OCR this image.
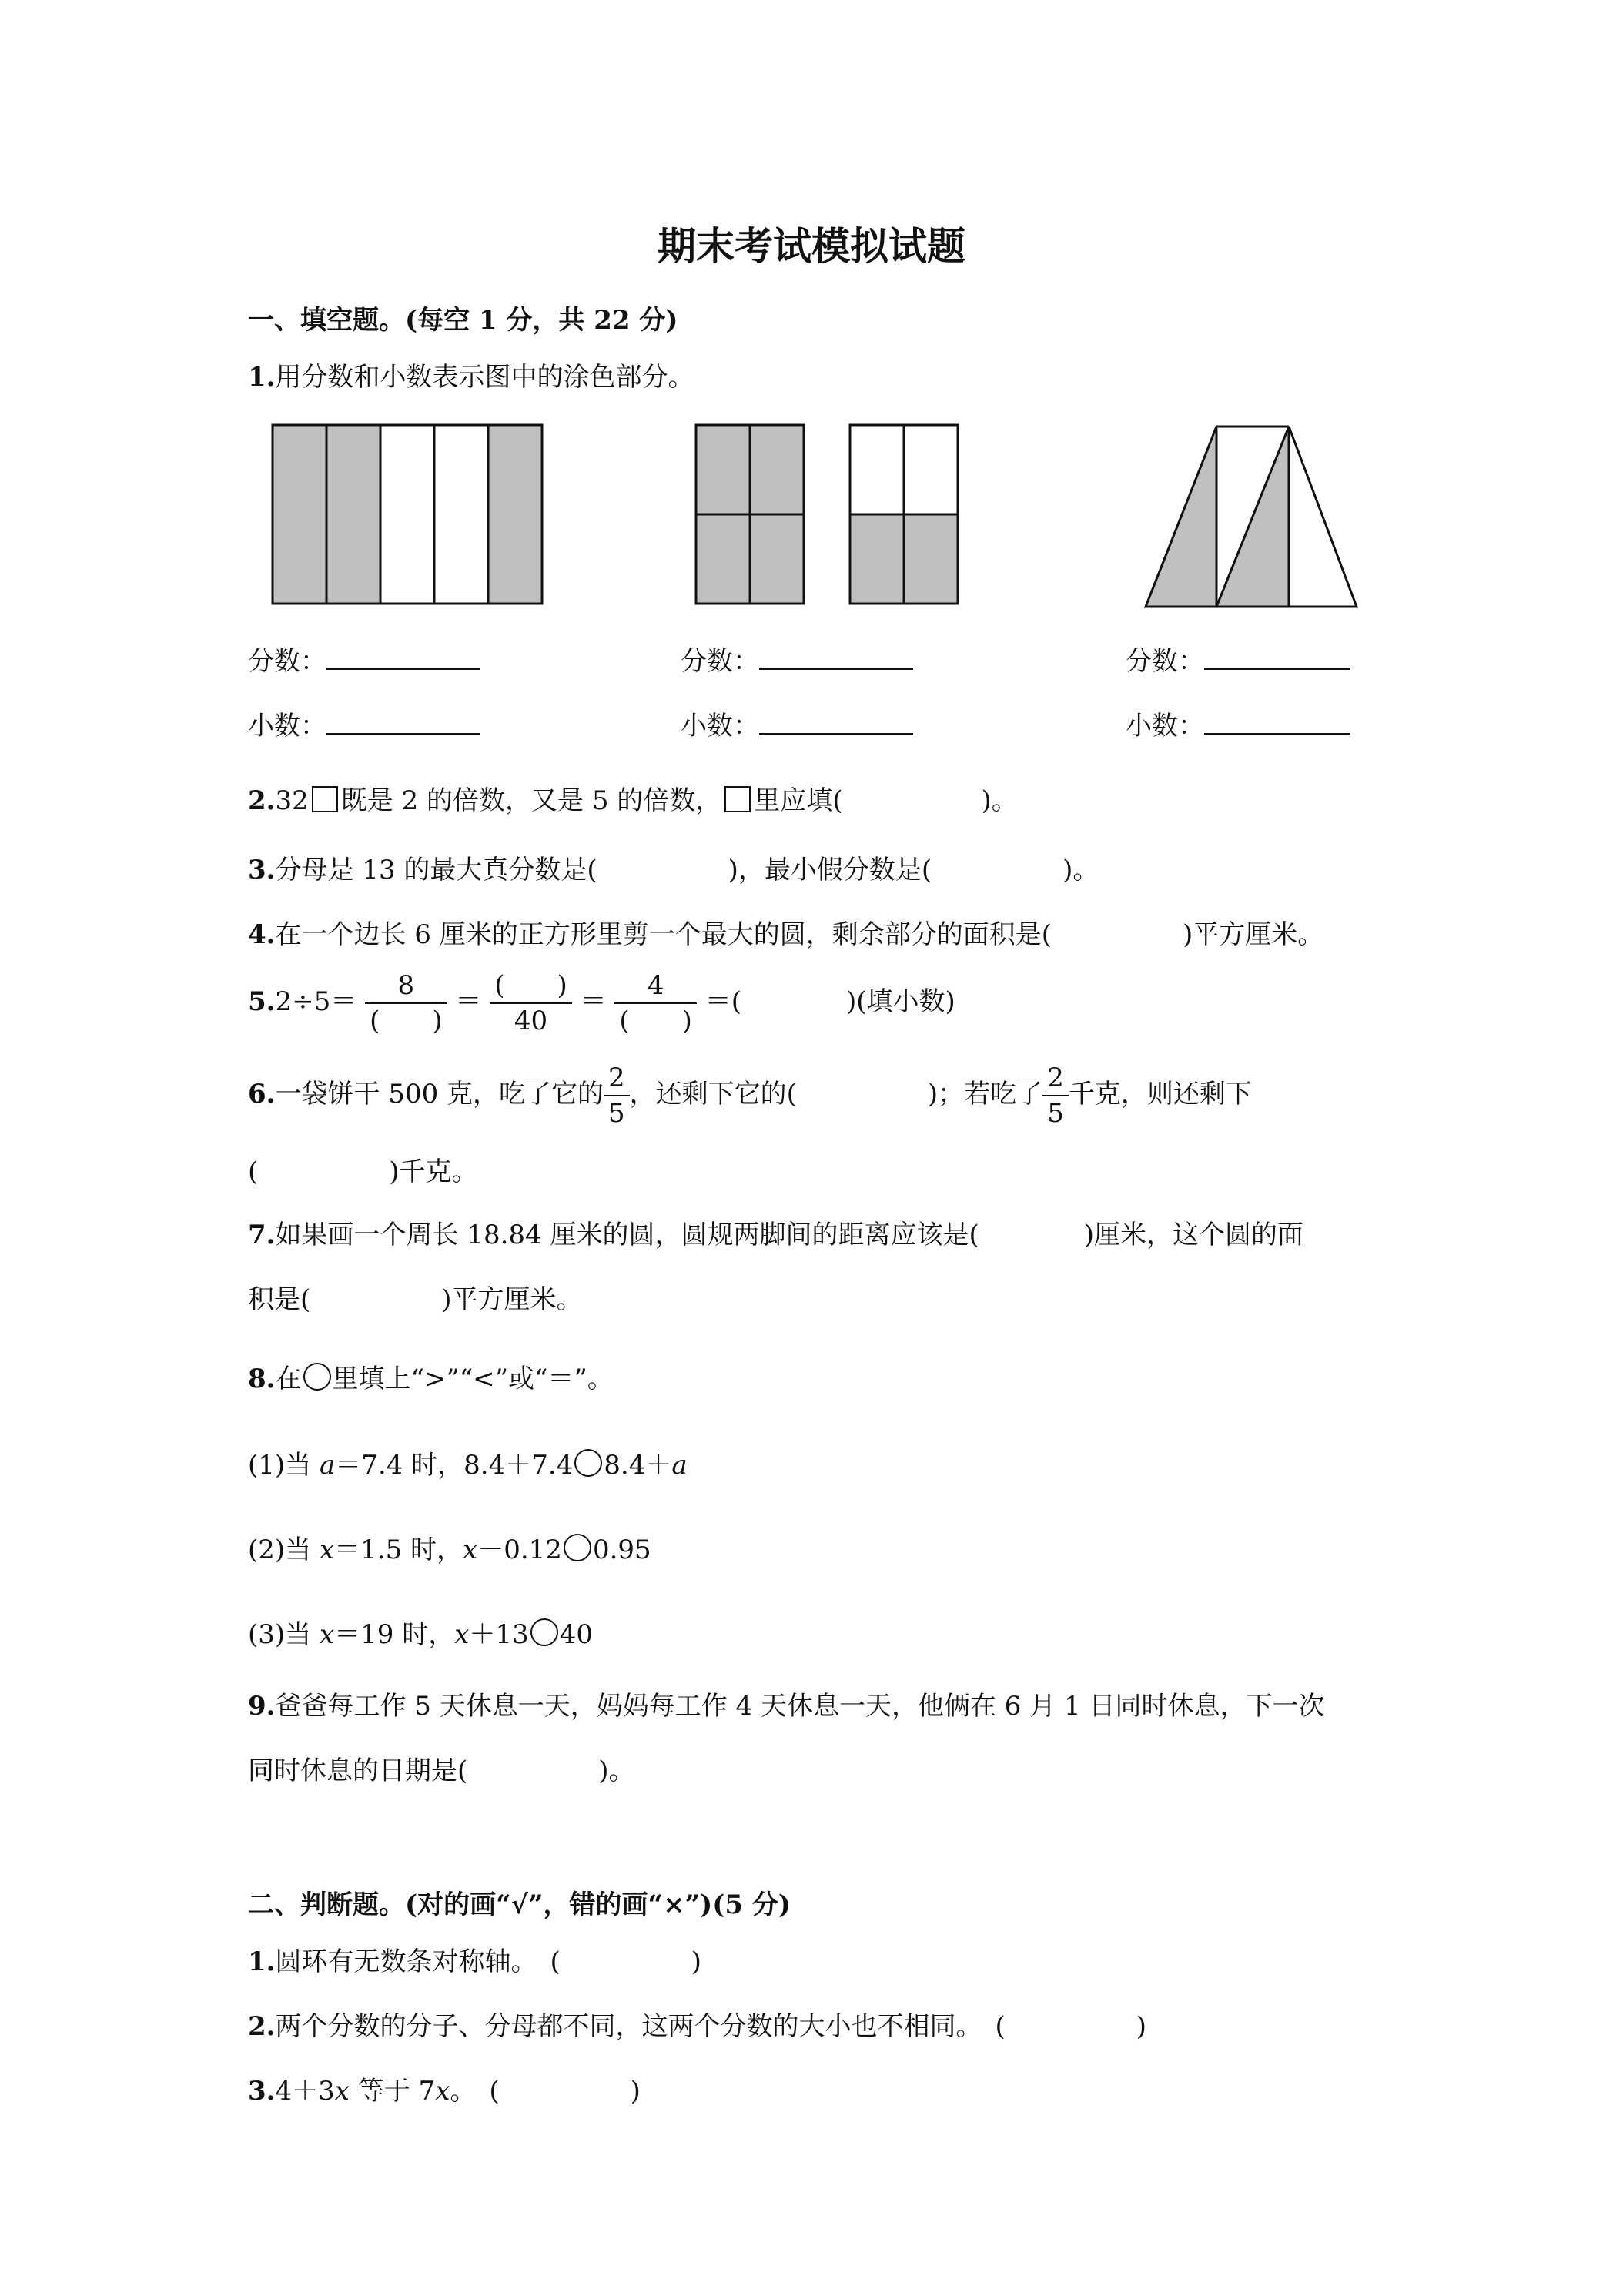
期末考试模拟试题
一、填空题。(每空 1 分，共 22 分)
1.用分数和小数表示图中的涂色部分。
分数：	分数：	分数：
小数：	小数：	小数：
2.32 既是 2 的倍数，又是 5 的倍数， 里应填(	)。
3.分母是 13 的最大真分数是(　　　　　)，最小假分数是(　　　　　)。
4.在一个边长 6 厘米的正方形里剪一个最大的圆，剩余部分的面积是(　　　　　)平方厘米。
$5.2\div 5= \frac{8}{( )} = \frac{( )}{40} = \frac{4}{( )}$ ＝(　　　　)(填小数)
6.一袋饼干 500 克，吃了它的 $\frac{2}{5}$ ，还剩下它的(　　　　　)；若吃了 $\frac{2}{5}$ 千克，则还剩下
(　　　　　)千克。
7.如果画一个周长 18.84 厘米的圆，圆规两脚间的距离应该是(　　　　)厘米，这个圆的面
积是(　　　　　)平方厘米。
8.在 里填上“>”“<”或“＝”。
(1)当 a＝7.4 时，8.4＋7.4 8.4＋a
(2)当 x＝1.5 时，x－0.12 0.95
(3)当 x＝19 时，x＋13 40
9.爸爸每工作 5 天休息一天，妈妈每工作 4 天休息一天，他俩在 6 月 1 日同时休息，下一次
同时休息的日期是(　　　　　)。
二、判断题。(对的画“√”，错的画“×”)(5 分)
1.圆环有无数条对称轴。　(　　　　　)
2.两个分数的分子、分母都不同，这两个分数的大小也不相同。　(　　　　　)
3.4＋3x 等于 7x。　(　　　　　)
